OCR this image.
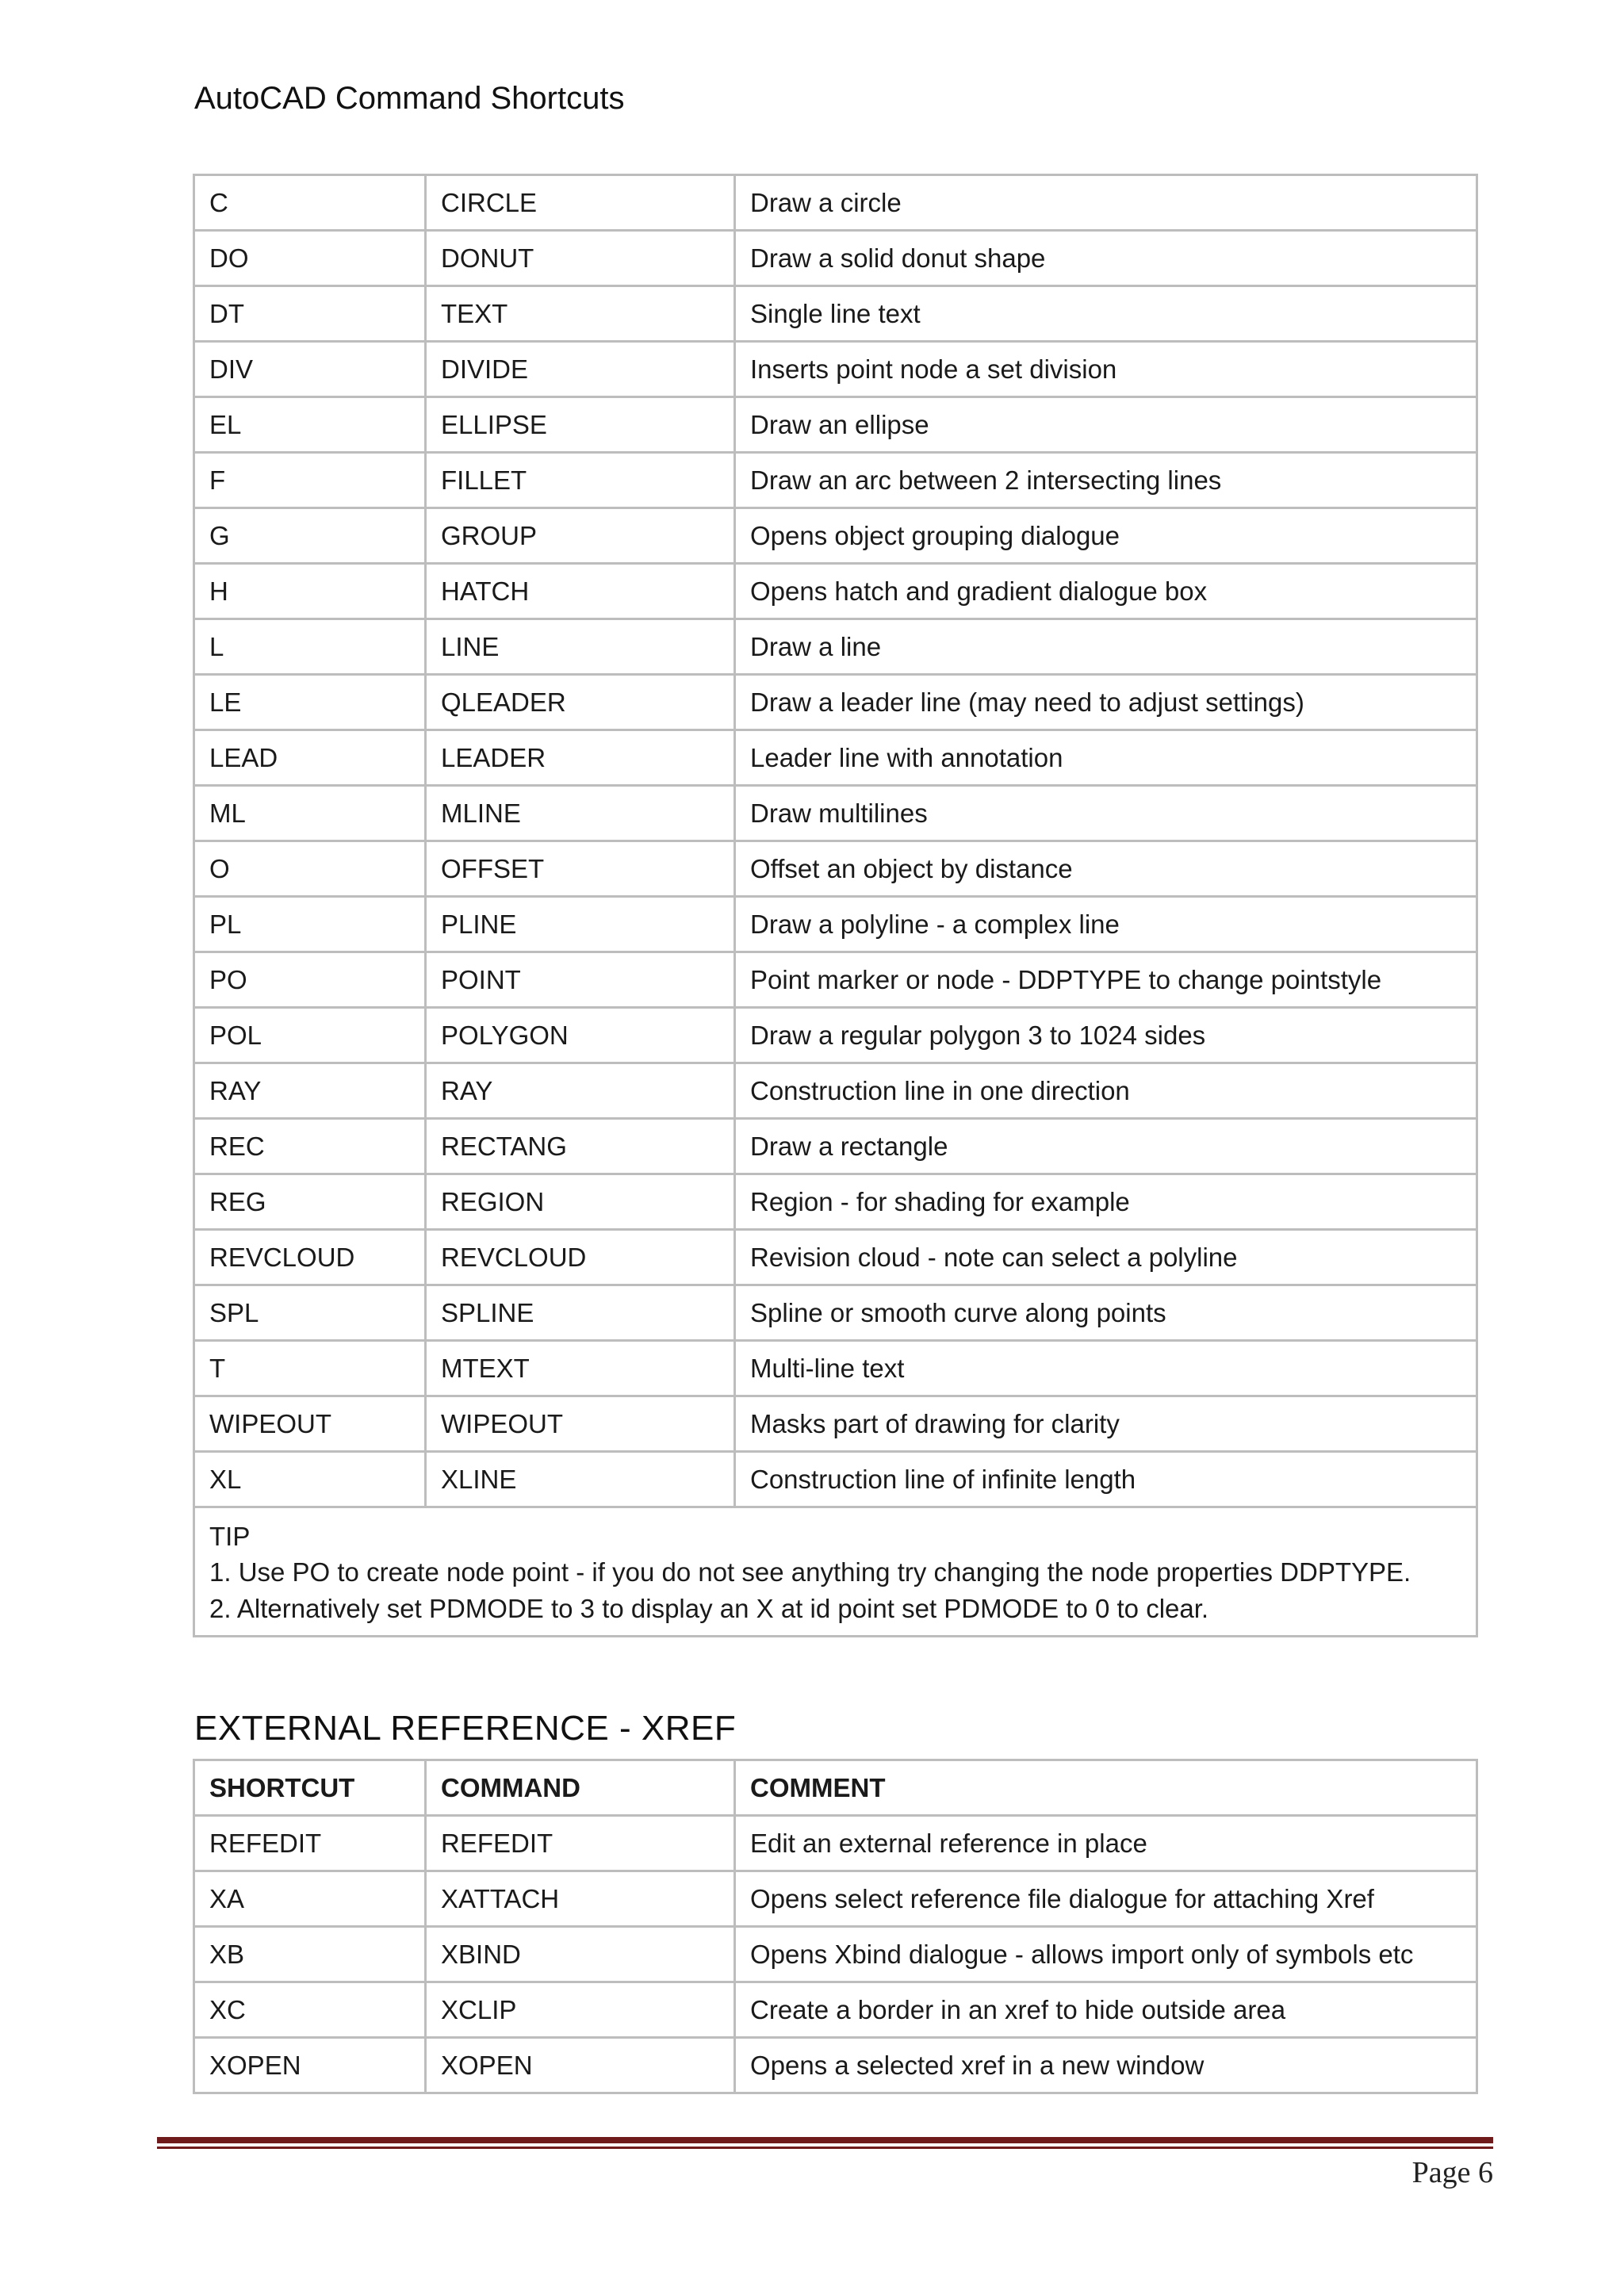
AutoCAD Command Shortcuts
C	CIRCLE	Draw a circle
DO	DONUT	Draw a solid donut shape
DT	TEXT	Single line text
DIV	DIVIDE	Inserts point node a set division
EL	ELLIPSE	Draw an ellipse
F	FILLET	Draw an arc between 2 intersecting lines
G	GROUP	Opens object grouping dialogue
H	HATCH	Opens hatch and gradient dialogue box
L	LINE	Draw a line
LE	QLEADER	Draw a leader line (may need to adjust settings)
LEAD	LEADER	Leader line with annotation
ML	MLINE	Draw multilines
O	OFFSET	Offset an object by distance
PL	PLINE	Draw a polyline - a complex line
PO	POINT	Point marker or node - DDPTYPE to change pointstyle
POL	POLYGON	Draw a regular polygon 3 to 1024 sides
RAY	RAY	Construction line in one direction
REC	RECTANG	Draw a rectangle
REG	REGION	Region - for shading for example
REVCLOUD	REVCLOUD	Revision cloud - note can select a polyline
SPL	SPLINE	Spline or smooth curve along points
T	MTEXT	Multi-line text
WIPEOUT	WIPEOUT	Masks part of drawing for clarity
XL	XLINE	Construction line of infinite length

TIP
1. Use PO to create node point - if you do not see anything try changing the node properties DDPTYPE.
2. Alternatively set PDMODE to 3 to display an X at id point set PDMODE to 0 to clear.		
EXTERNAL REFERENCE - XREF
SHORTCUT	COMMAND	COMMENT
REFEDIT	REFEDIT	Edit an external reference in place
XA	XATTACH	Opens select reference file dialogue for attaching Xref
XB	XBIND	Opens Xbind dialogue - allows import only of symbols etc
XC	XCLIP	Create a border in an xref to hide outside area
XOPEN	XOPEN	Opens a selected xref in a new window
Page 6
